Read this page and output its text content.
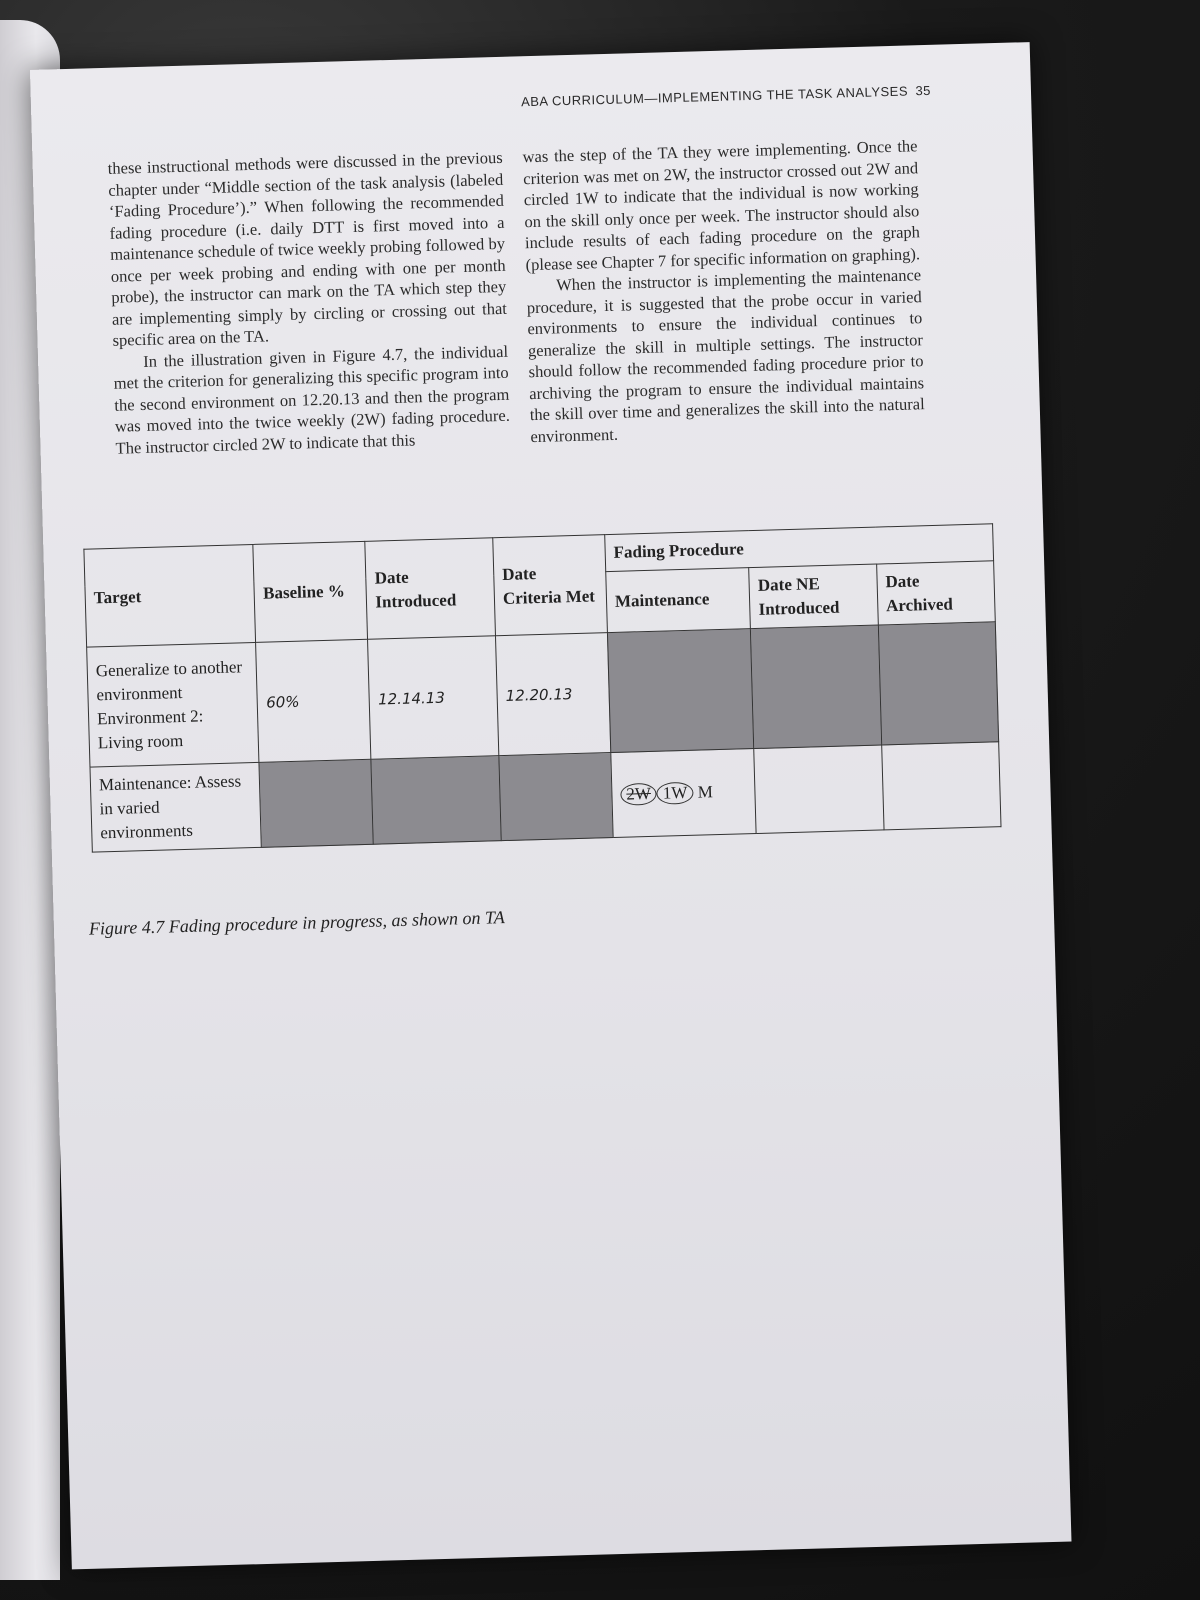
ABA CURRICULUM—IMPLEMENTING THE TASK ANALYSES 35

these instructional methods were discussed in the previous chapter under “Middle section of the task analysis (labeled ‘Fading Procedure’).” When following the recommended fading procedure (i.e. daily DTT is first moved into a maintenance schedule of twice weekly probing followed by once per week probing and ending with one per month probe), the instructor can mark on the TA which step they are implementing simply by circling or crossing out that specific area on the TA.

In the illustration given in Figure 4.7, the individual met the criterion for generalizing this specific program into the second environment on 12.20.13 and then the program was moved into the twice weekly (2W) fading procedure. The instructor circled 2W to indicate that this

was the step of the TA they were implementing. Once the criterion was met on 2W, the instructor crossed out 2W and circled 1W to indicate that the individual is now working on the skill only once per week. The instructor should also include results of each fading procedure on the graph (please see Chapter 7 for specific information on graphing).

When the instructor is implementing the maintenance procedure, it is suggested that the probe occur in varied environments to ensure the individual continues to generalize the skill in multiple settings. The instructor should follow the recommended fading procedure prior to archiving the program to ensure the individual maintains the skill over time and generalizes the skill into the natural environment.

Target	Baseline %	Date Introduced	Date Criteria Met	Fading Procedure		
				Maintenance	Date NE Introduced	Date Archived

Generalize to another environment
Environment 2: Living room	60%	12.14.13	12.20.13			
Maintenance: Assess in varied environments				2W 1W M		
Figure 4.7 Fading procedure in progress, as shown on TA
